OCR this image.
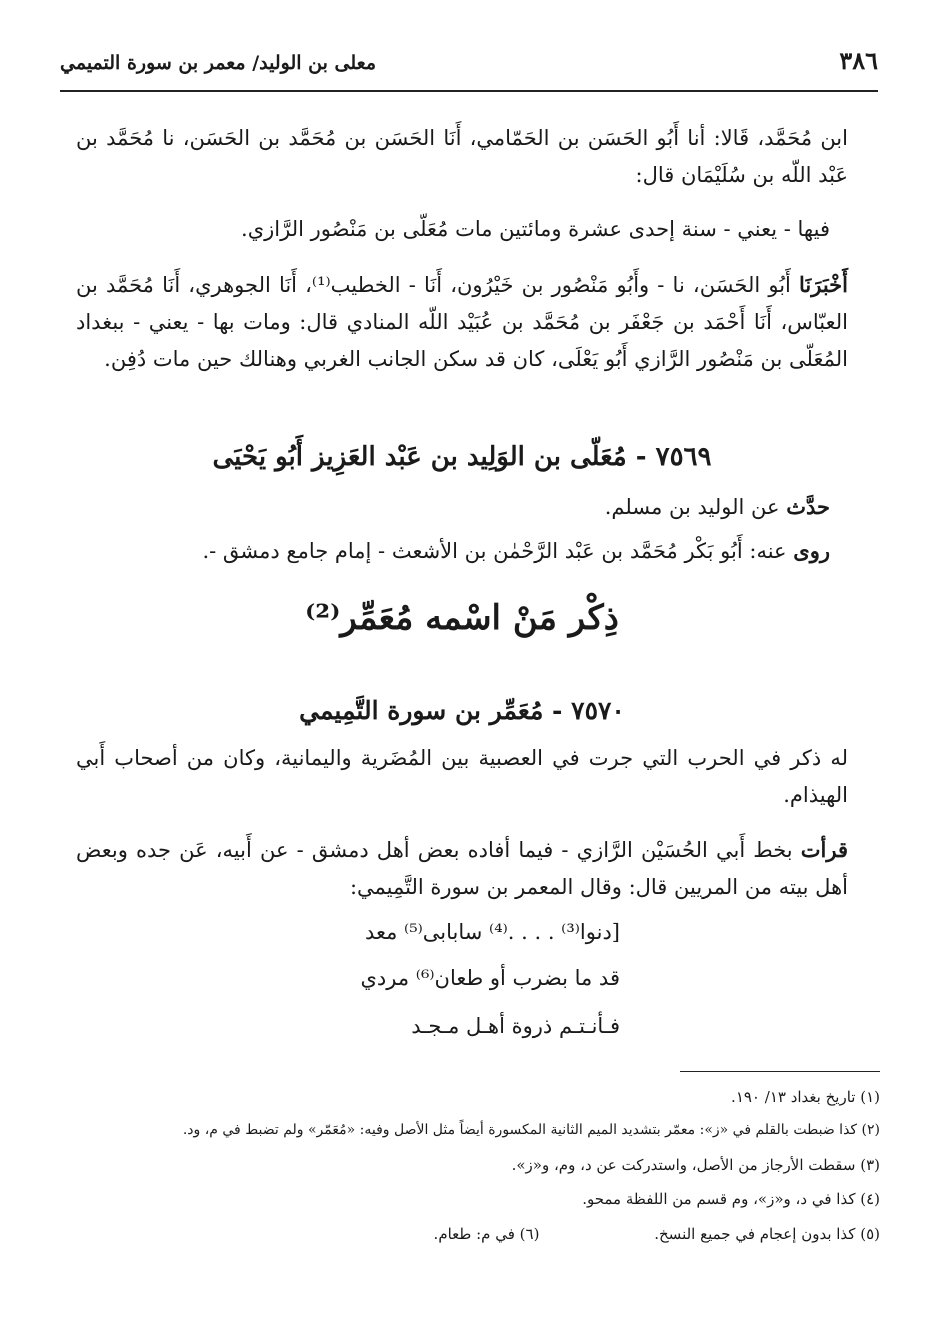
٣٨٦
معلى بن الوليد/ معمر بن سورة التميمي

ابن مُحَمَّد، قَالا: أنا أَبُو الحَسَن بن الحَمّامي، أَنَا الحَسَن بن مُحَمَّد بن الحَسَن، نا مُحَمَّد بن عَبْد اللّه بن سُلَيْمَان قال:

فيها - يعني - سنة إحدى عشرة ومائتين مات مُعَلّى بن مَنْصُور الرَّازي.

أَخْبَرَنَا أَبُو الحَسَن، نا - وأَبُو مَنْصُور بن خَيْرُون، أَنَا - الخطيب⁽¹⁾، أَنَا الجوهري، أَنَا مُحَمَّد بن العبّاس، أَنَا أَحْمَد بن جَعْفَر بن مُحَمَّد بن عُبَيْد اللّه المنادي قال: ومات بها - يعني - ببغداد المُعَلّى بن مَنْصُور الرَّازي أَبُو يَعْلَى، كان قد سكن الجانب الغربي وهنالك حين مات دُفِن.

٧٥٦٩ - مُعَلّى بن الوَلِيد بن عَبْد العَزِيز أَبُو يَحْيَى

حدَّث عن الوليد بن مسلم.

روى عنه: أَبُو بَكْر مُحَمَّد بن عَبْد الرَّحْمٰن بن الأشعث - إمام جامع دمشق -.

ذِكْر مَنْ اسْمه مُعَمِّر⁽²⁾
٧٥٧٠ - مُعَمِّر بن سورة التَّمِيمي

له ذكر في الحرب التي جرت في العصبية بين المُضَرية واليمانية، وكان من أصحاب أَبي الهيذام.

قرأت بخط أَبي الحُسَيْن الرَّازي - فيما أفاده بعض أهل دمشق - عن أَبيه، عَن جده وبعض أهل بيته من المريين قال: وقال المعمر بن سورة التَّمِيمي:

[دنوا⁽³⁾ . . . .⁽⁴⁾ سابابى⁽⁵⁾ معد

قد ما بضرب أو طعان⁽⁶⁾ مردي

فـأنـتـم ذروة أهـل مـجـد

(١) تاريخ بغداد ١٣/ ١٩٠.

(٢) كذا ضبطت بالقلم في «ز»: معمّر بتشديد الميم الثانية المكسورة أيضاً مثل الأصل وفيه: «مُعَمّر» ولم تضبط في م، ود.

(٣) سقطت الأرجاز من الأصل، واستدركت عن د، وم، و«ز».

(٤) كذا في د، و«ز»، وم قسم من اللفظة ممحو.

(٥) كذا بدون إعجام في جميع النسخ. (٦) في م: طعام.
